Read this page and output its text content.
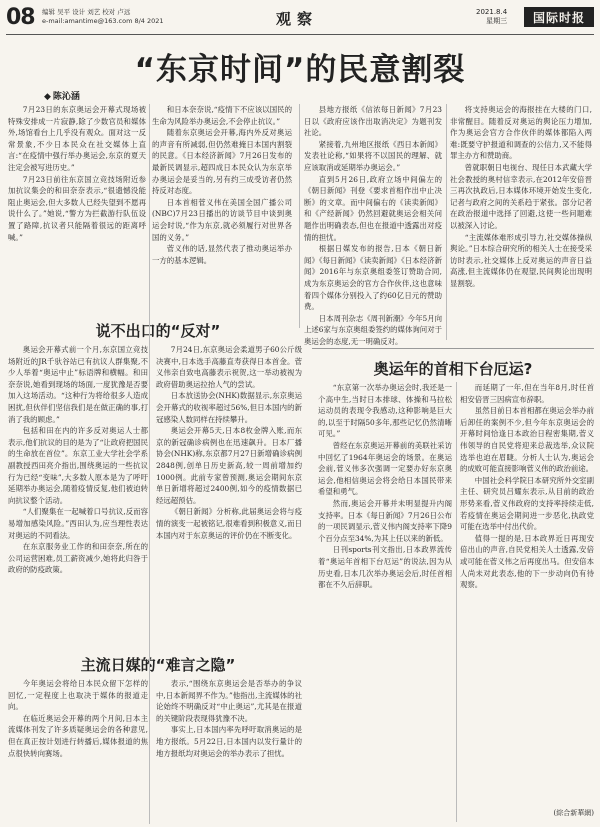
08 编辑 吴平 设计 刘艺 校对 卢远
e-mail:amantime@163.com 8/4 2021	观察	2021.8.4
星期三	国际时报
“东京时间”的民意割裂
◆ 陈沁涵

7月23日的东京奥运会开幕式现场被特殊安排成一片寂静,除了少数官员和媒体外,场馆看台上几乎没有观众。面对这一反常景象,不少日本民众在社交媒体上直言:“在疫情中强行举办奥运会,东京的夏天注定会被写进历史。”

7月23日前往东京国立竞技场附近参加抗议集会的和田奈奈表示,“很遗憾没能阻止奥运会,但大多数人已经失望到不愿再说什么了。”她说,“警方为拦截游行队伍设置了路障,抗议者只能隔着很远的距离呼喊。”

和日本奈奈说,“疫情下不应该以国民的生命为风险举办奥运会,不会停止抗议。”

随着东京奥运会开幕,海内外反对奥运的声音有所减弱,但仍然难掩日本国内割裂的民意。《日本经济新闻》7月26日发布的最新民调显示,超四成日本民众认为东京举办奥运会是妥当的,另有约三成受访者仍然持反对态度。

日本首相菅义伟在美国全国广播公司(NBC)7月23日播出的访谈节目中谈到奥运会时说,“作为东京,就必须履行对世界各国的义务。”

菅义伟的话,显然代表了推动奥运举办一方的基本逻辑。

县地方报纸《信浓每日新闻》7月23日以《政府应该作出取消决定》为题刊发社论。

紧接着,九州地区报纸《西日本新闻》发表社论称,“如果将不以国民的理解、就应该取消或延期举办奥运会。”

直到5月26日,政府立场中间偏左的《朝日新闻》刊登《要求首相作出中止决断》的文章。而中间偏右的《读卖新闻》和《产经新闻》仍然回避就奥运会相关问题作出明确表态,但也在报道中透露出对疫情的担忧。

根据日媒发布的报告,日本《朝日新闻》《每日新闻》《读卖新闻》《日本经济新闻》2016年与东京奥组委签订赞助合同,成为东京奥运会的官方合作伙伴,这也意味着四个媒体分别投入了约60亿日元的赞助费。

日本周刊杂志《周刊新潮》今年5月向上述6家与东京奥组委签约的媒体询问对于奥运会的态度,无一明确反对。

将支持奥运会的海报挂在大楼的门口,非常醒目。随着反对奥运的舆论压力增加,作为奥运会官方合作伙伴的媒体都陷入两难:既要守护报道和调查的公信力,又不能得罪主办方和赞助商。

曾就职朝日电视台、现任日本武藏大学社会教授的奥村信幸表示,在2012年安倍晋三再次执政后,日本媒体环境开始发生变化,记者与政府之间的关系趋于紧张。部分记者在政治报道中选择了回避,这使一些问题难以被深入讨论。

“主流媒体难形成引导力,社交媒体操纵舆论。”日本综合研究所的相关人士在接受采访时表示,社交媒体上反对奥运的声音日益高涨,但主流媒体仍在观望,民间舆论出现明显割裂。

说不出口的“反对”

奥运会开幕式前一个月,东京国立竞技场附近的JR千驮谷站已有抗议人群集聚,不少人举着“奥运中止”标语牌和横幅。和田奈奈说,她看到现场的场面,一度犹豫是否要加入这场活动。“这种行为将给很多人造成困扰,但伙伴们坚信我们是在做正确的事,打消了我的顾虑。”

包括和田在内的许多反对奥运人士都表示,他们抗议的目的是为了“让政府把国民的生命放在首位”。东京工业大学社会学系副教授西田亮介指出,围绕奥运的一些抗议行为已经“变味”,大多数人原本是为了呼吁延期举办奥运会,随着疫情反复,他们被迫转向抗议整个活动。

“人们聚集在一起喊着口号抗议,反而容易增加感染风险。”西田认为,应当理性表达对奥运的不同看法。

在东京服务业工作的和田奈奈,所在的公司运营困难,员工薪资减少,她将此归咎于政府的防疫政策。

7月24日,东京奥运会柔道男子60公斤级决赛中,日本选手高藤直寿获得日本首金。菅义伟亲自致电高藤表示祝贺,这一举动被视为政府借助奥运拉抬人气的尝试。

日本放送协会(NHK)数据显示,东京奥运会开幕式的收视率超过56%,但日本国内的新冠感染人数同样在持续攀升。

奥运会开幕5天,日本8枚金牌入账,而东京的新冠确诊病例也在迅速飙升。日本厂播协会(NHK)称,东京都7月27日新增确诊病例2848例,创单日历史新高,较一周前增加约1000例。此前专家曾预测,奥运会期间东京单日新增将超过2400例,如今的疫情数据已经远超预估。

《朝日新闻》分析称,此届奥运会将与疫情的演变一起被铭记,很难看到积极意义,而日本国内对于东京奥运的评价仍在不断变化。

主流日媒的“难言之隐”

今年奥运会将给日本民众留下怎样的回忆,一定程度上也取决于媒体的报道走向。

在临近奥运会开幕的两个月间,日本主流媒体刊发了许多质疑奥运会的各种意见,但在真正按计划进行转播后,媒体报道的焦点很快转向赛场。

表示,“围绕东京奥运会是否举办的争议中,日本新闻界不作为。”他指出,主流媒体的社论始终不明确反对“中止奥运”,尤其是在报道的关键阶段表现得犹豫不决。

事实上,日本国内率先呼吁取消奥运的是地方报纸。5月22日,日本国内以发行量计的地方报纸均对奥运会的举办表示了担忧。

奥运年的首相下台厄运?

“东京第一次举办奥运会时,我还是一个高中生,当时日本排球、体操和马拉松运动员的表现令我感动,这种影响是巨大的,以至于时隔50多年,那些记忆仍然清晰可见。”

曾经在东京奥运开幕前的美联社采访中回忆了1964年奥运会的场景。在奥运会前,菅义伟多次强调一定要办好东京奥运会,他相信奥运会将会给日本国民带来希望和勇气。

然而,奥运会开幕并未明显提升内阁支持率。日本《每日新闻》7月26日公布的一项民调显示,菅义伟内阁支持率下降9个百分点至34%,为其上任以来的新低。

日刊sports刊文指出,日本政界流传着“奥运年首相下台厄运”的说法,因为从历史看,日本几次举办奥运会后,时任首相都在不久后辞职。

而延期了一年,但在当年8月,时任首相安倍晋三因病宣布辞职。

虽然目前日本首相都在奥运会举办前后卸任的案例不少,但今年东京奥运会的开幕时间恰逢日本政治日程密集期,菅义伟领导的自民党将迎来总裁选举,众议院选举也迫在眉睫。分析人士认为,奥运会的成败可能直接影响菅义伟的政治前途。

中国社会科学院日本研究所外交室副主任、研究员吕耀东表示,从目前的政治形势来看,菅义伟政府的支持率持续走低,若疫情在奥运会期间进一步恶化,执政党可能在选举中付出代价。

值得一提的是,日本政界近日再现安倍出山的声音,自民党相关人士透露,安倍或可能在菅义伟之后再度出马。但安倍本人尚未对此表态,他的下一步动向仍有待观察。

(綜合新華網)
